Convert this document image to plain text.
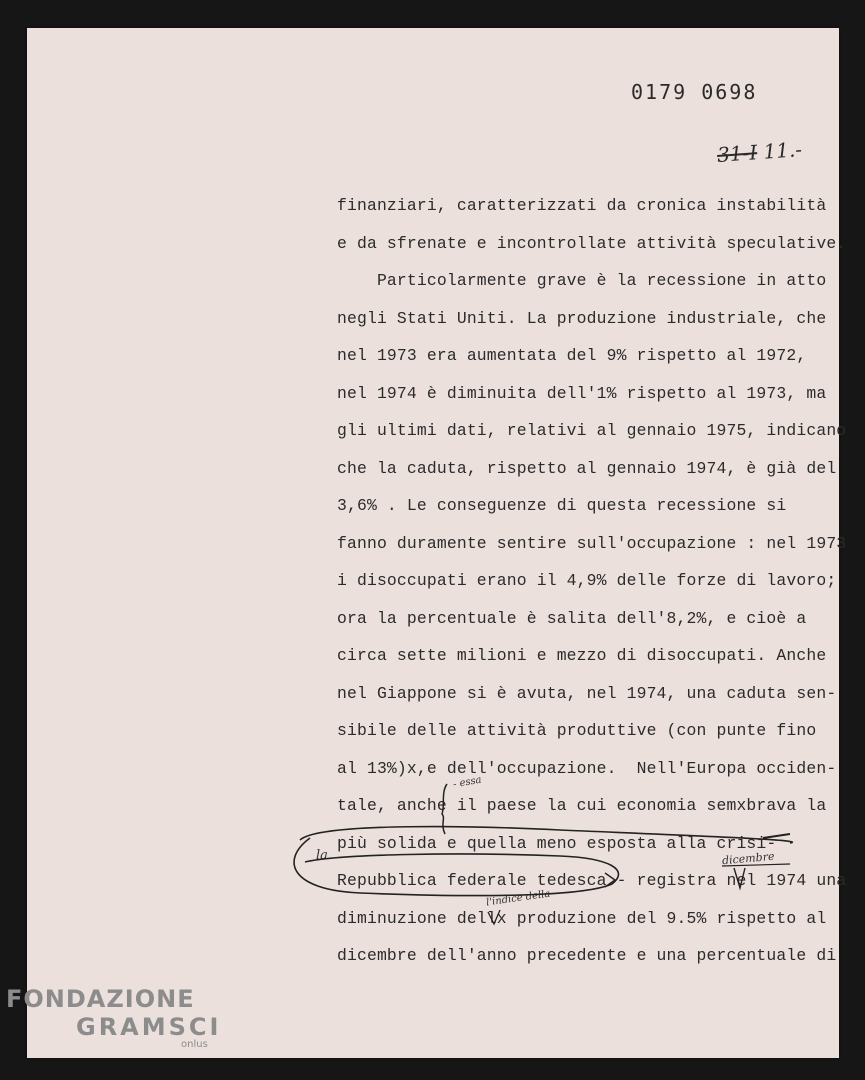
0179 0698
31-I 11.-
finanziari, caratterizzati da cronica instabilità
e da sfrenate e incontrollate attività speculative.
Particolarmente grave è la recessione in atto
negli Stati Uniti. La produzione industriale, che
nel 1973 era aumentata del 9% rispetto al 1972,
nel 1974 è diminuita dell'1% rispetto al 1973, ma
gli ultimi dati, relativi al gennaio 1975, indicano
che la caduta, rispetto al gennaio 1974, è già del
3,6% . Le conseguenze di questa recessione si
fanno duramente sentire sull'occupazione : nel 1973
i disoccupati erano il 4,9% delle forze di lavoro;
ora la percentuale è salita dell'8,2%, e cioè a
circa sette milioni e mezzo di disoccupati. Anche
nel Giappone si è avuta, nel 1974, una caduta sen-
sibile delle attività produttive (con punte fino
al 13%)x,e dell'occupazione.  Nell'Europa occiden-
tale, anche il paese la cui economia semxbrava la
più solida e quella meno esposta alla crisi-
Repubblica federale tedesca - registra nel 1974 una
diminuzione dellx produzione del 9.5% rispetto al
dicembre dell'anno precedente e una percentuale di
- essa
la	dicembre
l'indice della
FONDAZIONE
GRAMSCI
onlus
